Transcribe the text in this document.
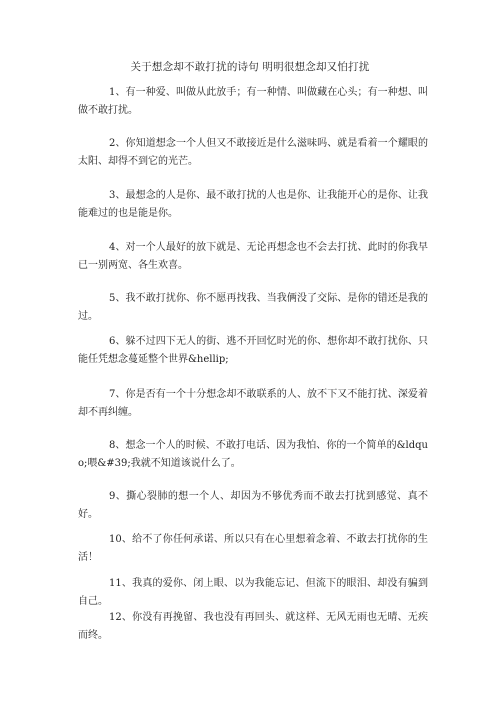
关于想念却不敢打扰的诗句 明明很想念却又怕打扰

1、有一种爱、叫做从此放手；有一种情、叫做藏在心头；有一种想、叫做不敢打扰。

2、你知道想念一个人但又不敢接近是什么滋味吗、就是看着一个耀眼的太阳、却得不到它的光芒。

3、最想念的人是你、最不敢打扰的人也是你、让我能开心的是你、让我能难过的也是能是你。

4、对一个人最好的放下就是、无论再想念也不会去打扰、此时的你我早已一别两宽、各生欢喜。

5、我不敢打扰你、你不愿再找我、当我俩没了交际、是你的错还是我的过。

6、躲不过四下无人的街、逃不开回忆时光的你、想你却不敢打扰你、只能任凭想念蔓延整个世界&hellip;

7、你是否有一个十分想念却不敢联系的人、放不下又不能打扰、深爱着却不再纠缠。

8、想念一个人的时候、不敢打电话、因为我怕、你的一个简单的&ldquo;喂&#39;我就不知道该说什么了。

9、撕心裂肺的想一个人、却因为不够优秀而不敢去打扰到感觉、真不好。

10、给不了你任何承诺、所以只有在心里想着念着、不敢去打扰你的生活！

11、我真的爱你、闭上眼、以为我能忘记、但流下的眼泪、却没有骗到自己。

12、你没有再挽留、我也没有再回头、就这样、无风无雨也无晴、无疾而终。
